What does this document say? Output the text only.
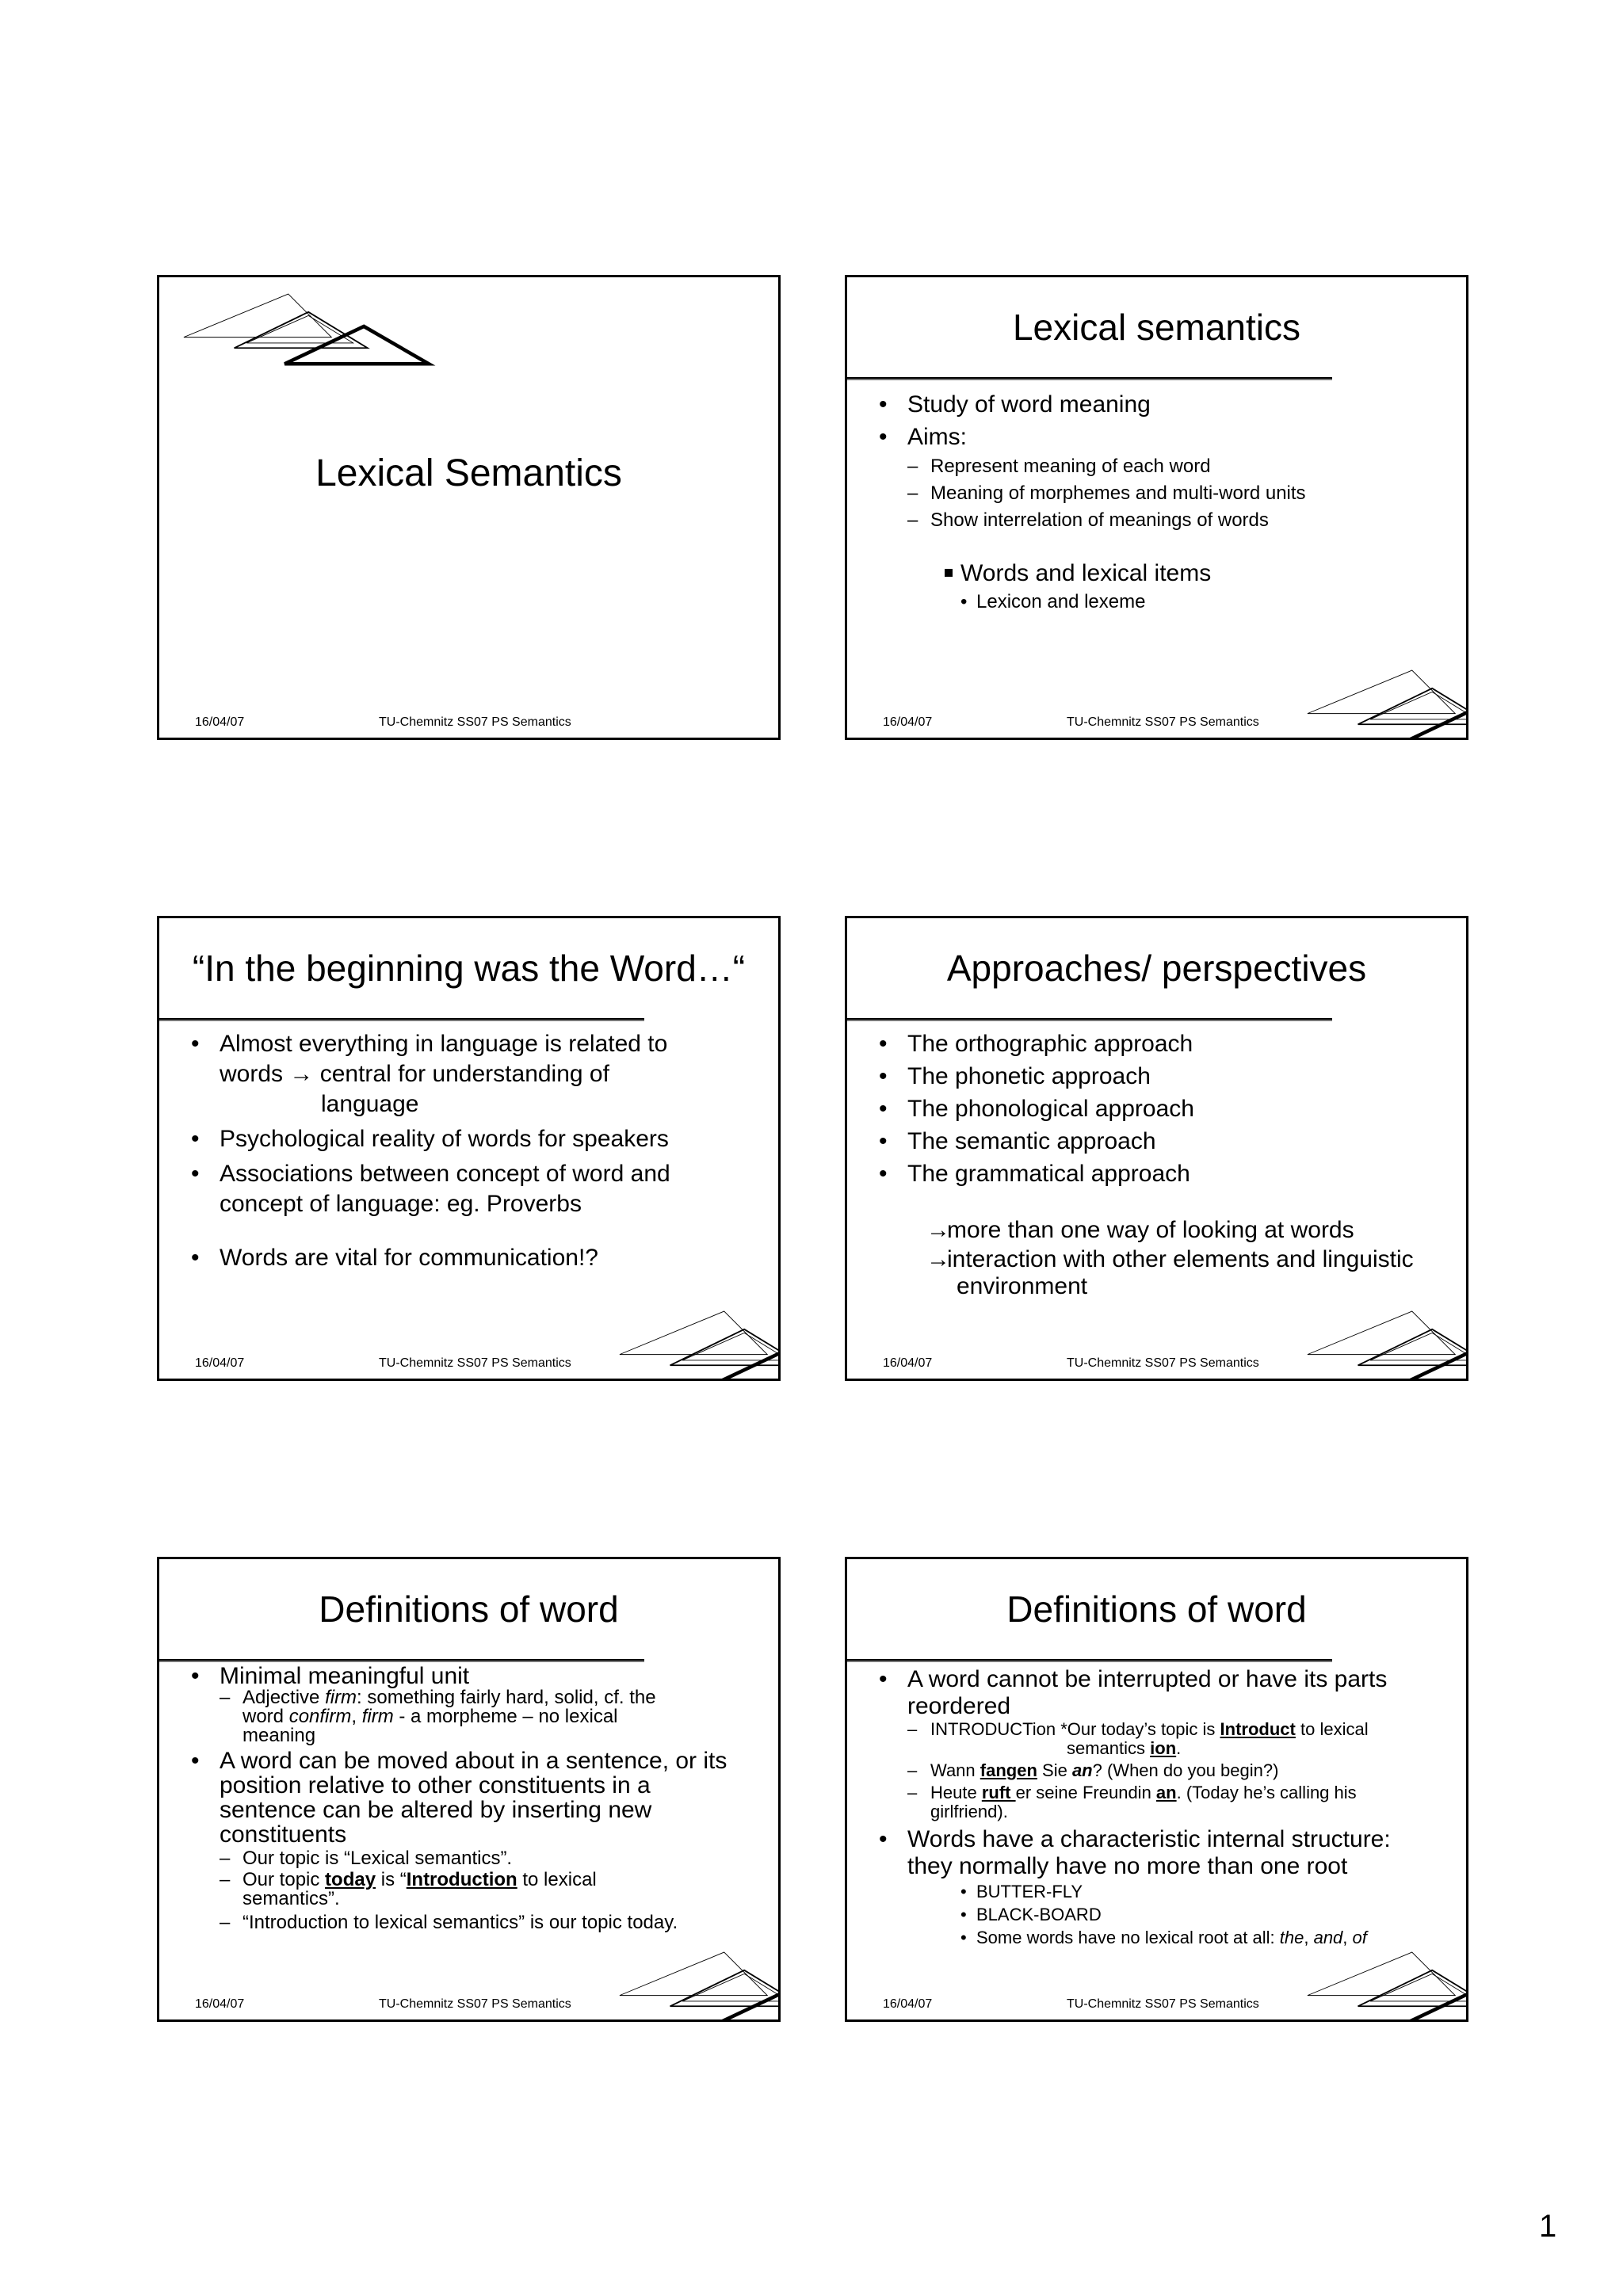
Lexical Semantics
16/04/07	TU-Chemnitz SS07 PS Semantics
Lexical semantics
• Study of word meaning
• Aims:
– Represent meaning of each word
– Meaning of morphemes and multi-word units
– Show interrelation of meanings of words
Words and lexical items
• Lexicon and lexeme
16/04/07	TU-Chemnitz SS07 PS Semantics
“In the beginning was the Word…“
• Almost everything in language is related to
words → central for understanding of
language
• Psychological reality of words for speakers
• Associations between concept of word and
concept of language: eg. Proverbs
• Words are vital for communication!?
16/04/07	TU-Chemnitz SS07 PS Semantics
Approaches/ perspectives
• The orthographic approach
• The phonetic approach
• The phonological approach
• The semantic approach
• The grammatical approach
→
more than one way of looking at words
→
interaction with other elements and linguistic
environment
16/04/07	TU-Chemnitz SS07 PS Semantics
Definitions of word
• Minimal meaningful unit
– Adjective firm: something fairly hard, solid, cf. the
word confirm, firm - a morpheme – no lexical
meaning
• A word can be moved about in a sentence, or its
position relative to other constituents in a
sentence can be altered by inserting new
constituents
– Our topic is “Lexical semantics”.
– Our topic today is “Introduction to lexical
semantics”.
– “Introduction to lexical semantics” is our topic today.
16/04/07	TU-Chemnitz SS07 PS Semantics
Definitions of word
• A word cannot be interrupted or have its parts
reordered
– INTRODUCTion *Our today’s topic is Introduct to lexical
semantics ion.
– Wann fangen Sie an? (When do you begin?)
– Heute ruft er seine Freundin an. (Today he’s calling his
girlfriend).
• Words have a characteristic internal structure:
they normally have no more than one root
• BUTTER-FLY
• BLACK-BOARD
• Some words have no lexical root at all: the, and, of
16/04/07	TU-Chemnitz SS07 PS Semantics
1
